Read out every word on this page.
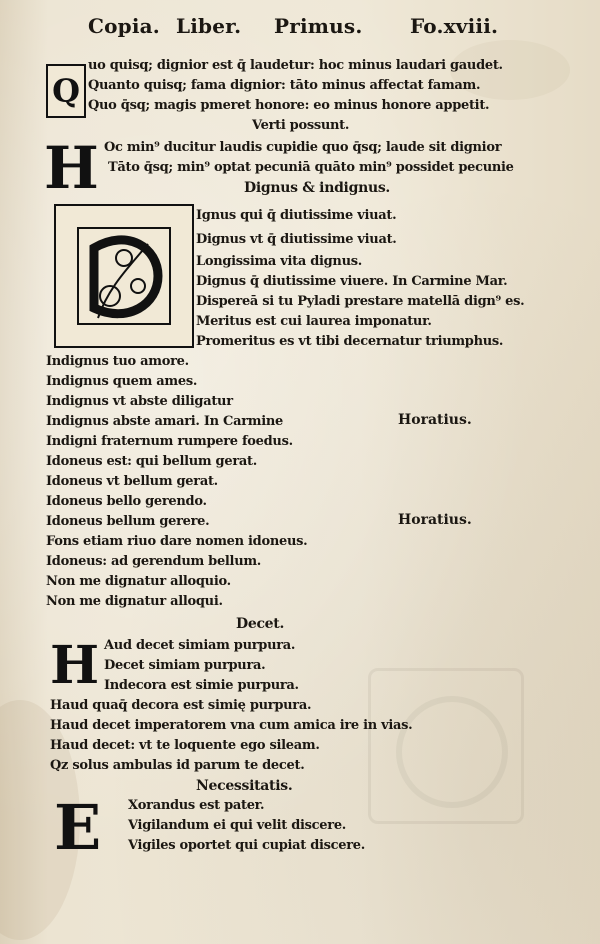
Copia. Liber. Primus. Fo.xviii.
Q
uo quisq; dignior est q̄ laudetur: hoc minus laudari gaudet.
Quanto quisq; fama dignior: tāto minus affectat famam.
Quo q̄sq; magis pmeret honore: eo minus honore appetit.
Verti possunt.
H Oc min⁹ ducitur laudis cupidie quo q̄sq; laude sit dignior
Tāto q̄sq; min⁹ optat pecuniā quāto min⁹ possidet pecunie
Dignus & indignus.
Ignus qui q̄ diutissime viuat.
Dignus vt q̄ diutissime viuat.
Longissima vita dignus.
Dignus q̄ diutissime viuere. In Carmine Mar.
Dispereā si tu Pyladi prestare matellā dign⁹ es.
Meritus est cui laurea imponatur.
Promeritus es vt tibi decernatur triumphus.
Indignus tuo amore.
Indignus quem ames.
Indignus vt abste diligatur
Indignus abste amari. In Carmine	Horatius.
Indigni fraternum rumpere foedus.
Idoneus est: qui bellum gerat.
Idoneus vt bellum gerat.
Idoneus bello gerendo.
Idoneus bellum gerere.	Horatius.
Fons etiam riuo dare nomen idoneus.
Idoneus: ad gerendum bellum.
Non me dignatur alloquio.
Non me dignatur alloqui.
Decet.
H Aud decet simiam purpura.
Decet simiam purpura.
Indecora est simie purpura.
Haud quaq̄ decora est simię purpura.
Haud decet imperatorem vna cum amica ire in vias.
Haud decet: vt te loquente ego sileam.
Qz solus ambulas id parum te decet.
Necessitatis.
E	Xorandus est pater.
Vigilandum ei qui velit discere.
Vigiles oportet qui cupiat discere.
